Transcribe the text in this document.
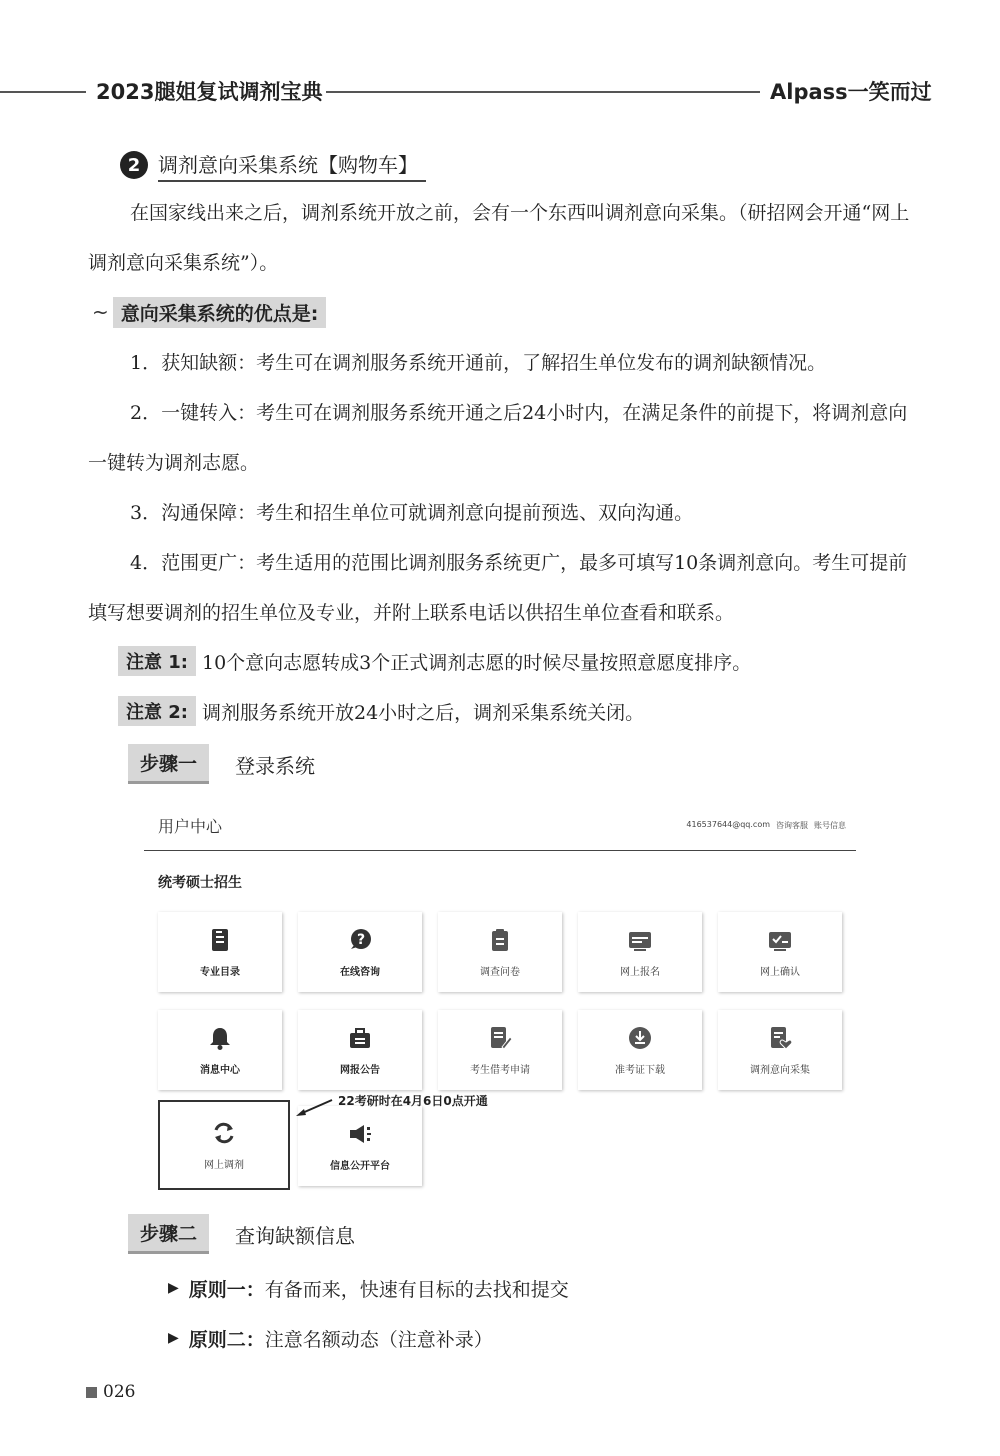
2023腿姐复试调剂宝典	Alpass一笑而过
2 调剂意向采集系统【购物车】
在国家线出来之后，调剂系统开放之前，会有一个东西叫调剂意向采集。（研招网会开通“网上调剂意向采集系统”）。
~ 意向采集系统的优点是:
1．获知缺额：考生可在调剂服务系统开通前，了解招生单位发布的调剂缺额情况。
2．一键转入：考生可在调剂服务系统开通之后24小时内，在满足条件的前提下，将调剂意向一键转为调剂志愿。
3．沟通保障：考生和招生单位可就调剂意向提前预选、双向沟通。
4．范围更广：考生适用的范围比调剂服务系统更广，最多可填写10条调剂意向。考生可提前填写想要调剂的招生单位及专业，并附上联系电话以供招生单位查看和联系。
注意 1: 10个意向志愿转成3个正式调剂志愿的时候尽量按照意愿度排序。
注意 2: 调剂服务系统开放24小时之后，调剂采集系统关闭。
步骤一	登录系统
用户中心	416537644@qq.com 咨询客服 账号信息
统考硕士招生
专业目录
?
在线咨询	调查问卷	网上报名	网上确认
消息中心	网报公告	考生借考申请	准考证下载	调剂意向采集
网上调剂	信息公开平台
22考研时在4月6日0点开通
步骤二	查询缺额信息
▶ 原则一： 有备而来，快速有目标的去找和提交
▶ 原则二： 注意名额动态（注意补录）
026
